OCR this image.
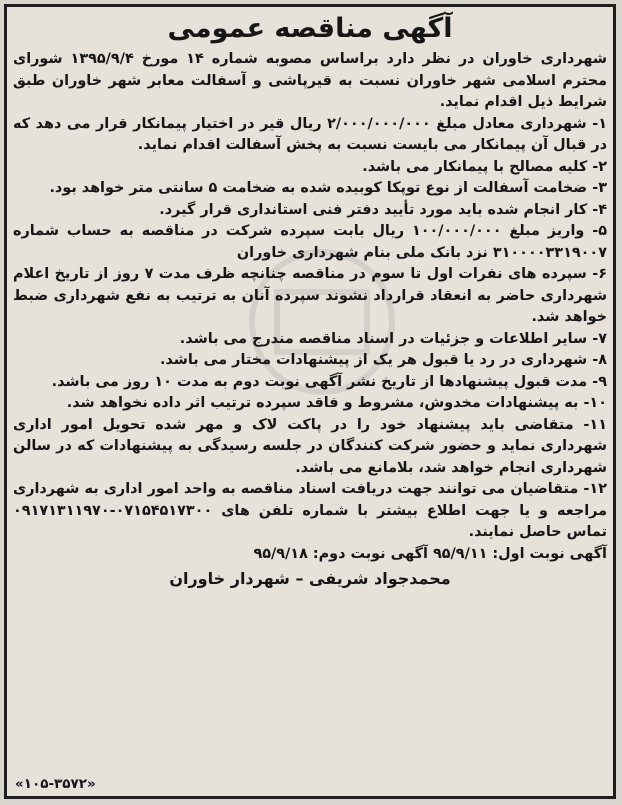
آگهی مناقصه عمومی

شهرداری خاوران در نظر دارد براساس مصوبه شماره ۱۴ مورخ ۱۳۹۵/۹/۴ شورای محترم اسلامی شهر خاوران نسبت به قیرپاشی و آسفالت معابر شهر خاوران طبق شرایط ذیل اقدام نماید.

۱- شهرداری معادل مبلغ ۲/۰۰۰/۰۰۰/۰۰۰ ریال قیر در اختیار پیمانکار قرار می دهد که در قبال آن پیمانکار می بایست نسبت به پخش آسفالت اقدام نماید.

۲- کلیه مصالح با پیمانکار می باشد.

۳- ضخامت آسفالت از نوع توپکا کوبیده شده به ضخامت ۵ سانتی متر خواهد بود.

۴- کار انجام شده باید مورد تأیید دفتر فنی استانداری قرار گیرد.

۵- واریز مبلغ ۱۰۰/۰۰۰/۰۰۰ ریال بابت سپرده شرکت در مناقصه به حساب شماره ۳۱۰۰۰۰۳۳۱۹۰۰۷ نزد بانک ملی بنام شهرداری خاوران

۶- سپرده های نفرات اول تا سوم در مناقصه چنانچه ظرف مدت ۷ روز از تاریخ اعلام شهرداری حاضر به انعقاد قرارداد نشوند سپرده آنان به ترتیب به نفع شهرداری ضبط خواهد شد.

۷- سایر اطلاعات و جزئیات در اسناد مناقصه مندرج می باشد.

۸- شهرداری در رد یا قبول هر یک از پیشنهادات مختار می باشد.

۹- مدت قبول پیشنهادها از تاریخ نشر آگهی نوبت دوم به مدت ۱۰ روز می باشد.

۱۰- به پیشنهادات مخدوش، مشروط و فاقد سپرده ترتیب اثر داده نخواهد شد.

۱۱- متقاضی باید پیشنهاد خود را در پاکت لاک و مهر شده تحویل امور اداری شهرداری نماید و حضور شرکت کنندگان در جلسه رسیدگی به پیشنهادات که در سالن شهرداری انجام خواهد شد، بلامانع می باشد.

۱۲- متقاضیان می توانند جهت دریافت اسناد مناقصه به واحد امور اداری به شهرداری مراجعه و یا جهت اطلاع بیشتر با شماره تلفن های ۰۷۱۵۴۵۱۷۳۰۰-۰۹۱۷۱۳۱۱۹۷۰ تماس حاصل نمایند.

آگهی نوبت اول: ۹۵/۹/۱۱ آگهی نوبت دوم: ۹۵/۹/۱۸

محمدجواد شریفی – شهردار خاوران

«۱۰۵-۳۵۷۲»
